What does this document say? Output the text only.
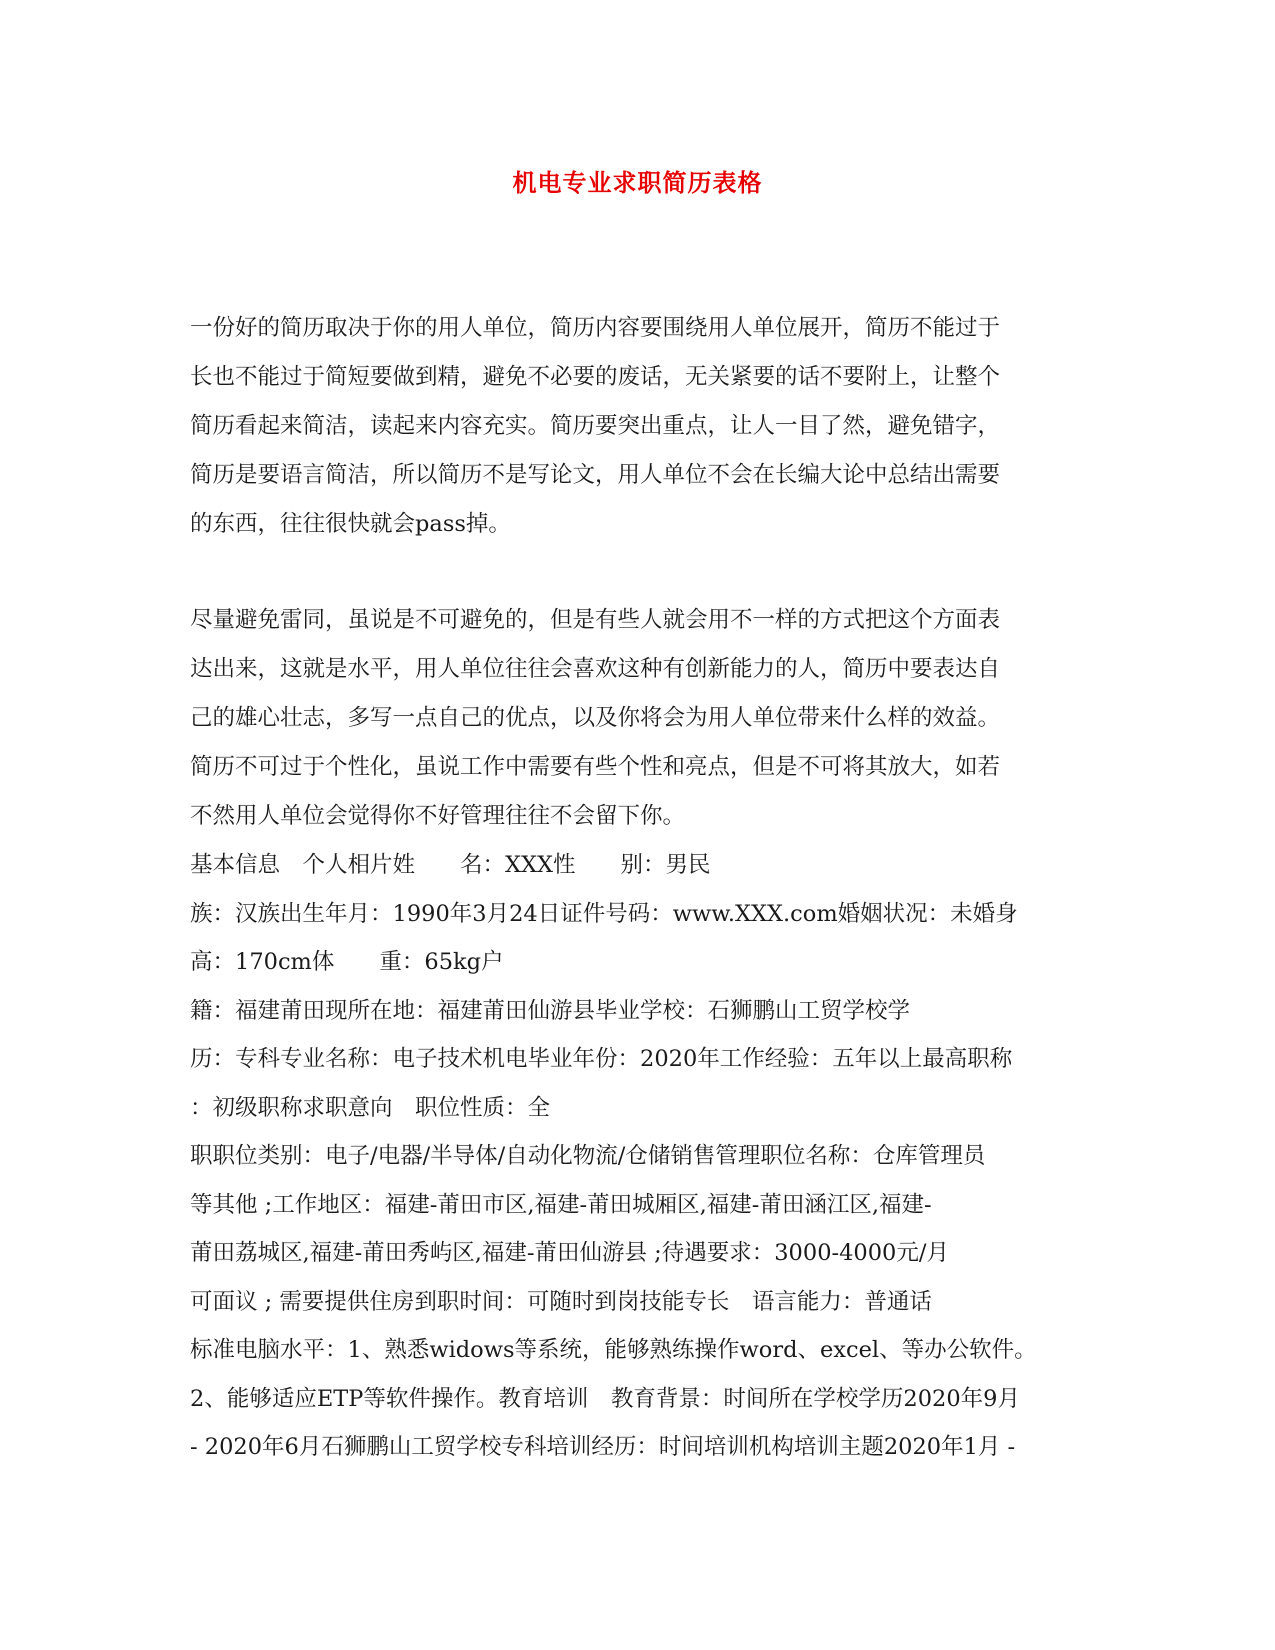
机电专业求职简历表格
一份好的简历取决于你的用人单位，简历内容要围绕用人单位展开，简历不能过于
长也不能过于简短要做到精，避免不必要的废话，无关紧要的话不要附上，让整个
简历看起来简洁，读起来内容充实。简历要突出重点，让人一目了然，避免错字，
简历是要语言简洁，所以简历不是写论文，用人单位不会在长编大论中总结出需要
的东西，往往很快就会pass掉。
尽量避免雷同，虽说是不可避免的，但是有些人就会用不一样的方式把这个方面表
达出来，这就是水平，用人单位往往会喜欢这种有创新能力的人，简历中要表达自
己的雄心壮志，多写一点自己的优点，以及你将会为用人单位带来什么样的效益。
简历不可过于个性化，虽说工作中需要有些个性和亮点，但是不可将其放大，如若
不然用人单位会觉得你不好管理往往不会留下你。
基本信息　个人相片姓　　名：XXX性　　别：男民
族：汉族出生年月：1990年3月24日证件号码：www.XXX.com婚姻状况：未婚身
高：170cm体　　重：65kg户
籍：福建莆田现所在地：福建莆田仙游县毕业学校：石狮鹏山工贸学校学
历：专科专业名称：电子技术机电毕业年份：2020年工作经验：五年以上最高职称
：初级职称求职意向　职位性质：全
职职位类别：电子/电器/半导体/自动化物流/仓储销售管理职位名称：仓库管理员
等其他 ;工作地区：福建-莆田市区,福建-莆田城厢区,福建-莆田涵江区,福建-
莆田荔城区,福建-莆田秀屿区,福建-莆田仙游县 ;待遇要求：3000-4000元/月
可面议 ; 需要提供住房到职时间：可随时到岗技能专长　语言能力：普通话
标准电脑水平：1、熟悉widows等系统，能够熟练操作word、excel、等办公软件。
2、能够适应ETP等软件操作。教育培训　教育背景：时间所在学校学历2020年9月
- 2020年6月石狮鹏山工贸学校专科培训经历：时间培训机构培训主题2020年1月 -
